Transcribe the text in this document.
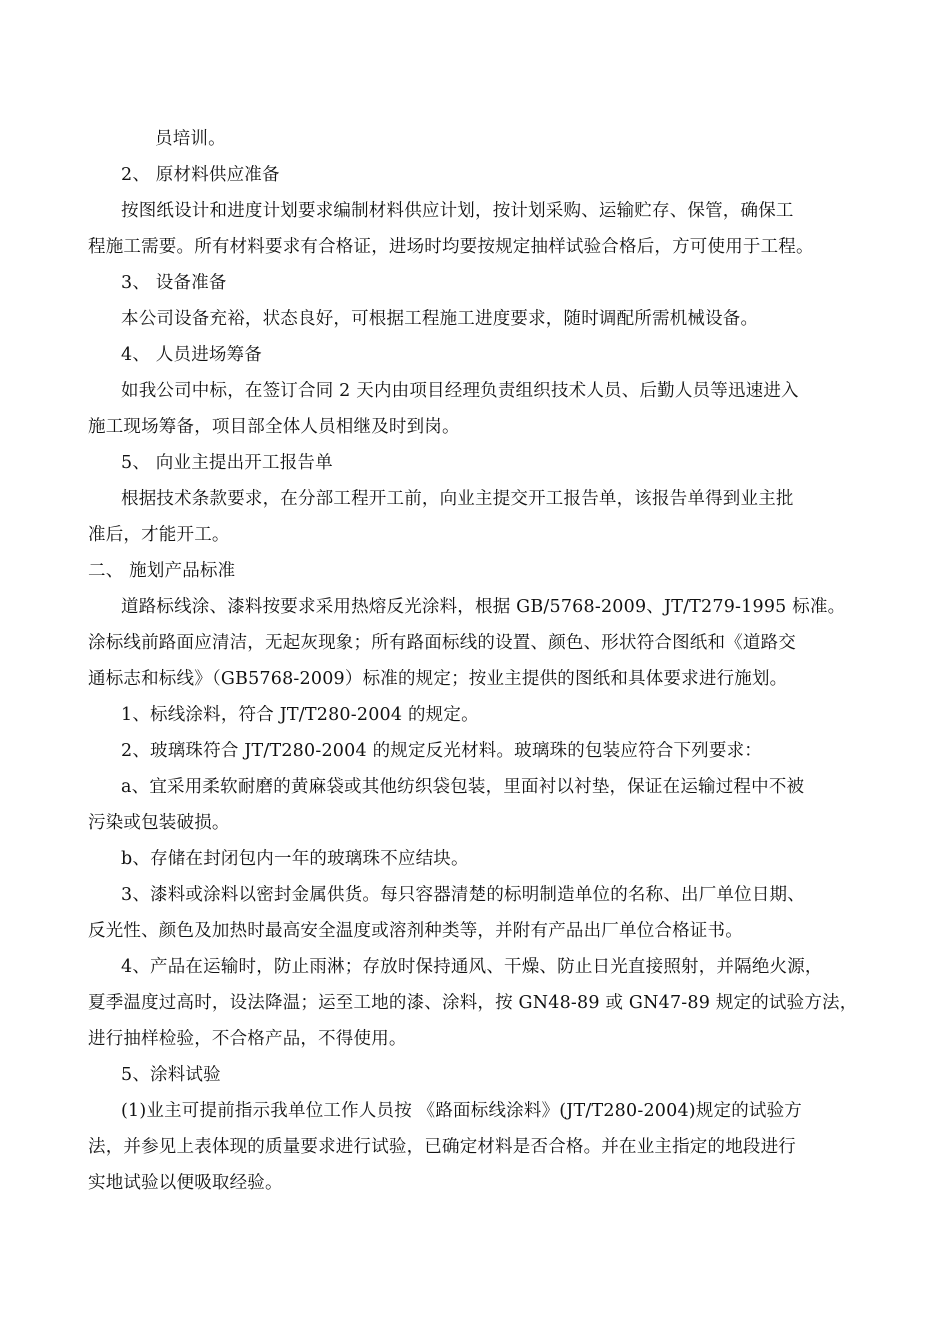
员培训。
2、 原材料供应准备
按图纸设计和进度计划要求编制材料供应计划，按计划采购、运输贮存、保管，确保工
程施工需要。所有材料要求有合格证，进场时均要按规定抽样试验合格后，方可使用于工程。
3、 设备准备
本公司设备充裕，状态良好，可根据工程施工进度要求，随时调配所需机械设备。
4、 人员进场筹备
如我公司中标，在签订合同 2 天内由项目经理负责组织技术人员、后勤人员等迅速进入
施工现场筹备，项目部全体人员相继及时到岗。
5、 向业主提出开工报告单
根据技术条款要求，在分部工程开工前，向业主提交开工报告单，该报告单得到业主批
准后，才能开工。
二、 施划产品标准
道路标线涂、漆料按要求采用热熔反光涂料，根据 GB/5768-2009、JT/T279-1995 标准。
涂标线前路面应清洁，无起灰现象；所有路面标线的设置、颜色、形状符合图纸和《道路交
通标志和标线》（GB5768-2009）标准的规定；按业主提供的图纸和具体要求进行施划。
1、标线涂料，符合 JT/T280-2004 的规定。
2、玻璃珠符合 JT/T280-2004 的规定反光材料。玻璃珠的包装应符合下列要求：
a、宜采用柔软耐磨的黄麻袋或其他纺织袋包装，里面衬以衬垫，保证在运输过程中不被
污染或包装破损。
b、存储在封闭包内一年的玻璃珠不应结块。
3、漆料或涂料以密封金属供货。每只容器清楚的标明制造单位的名称、出厂单位日期、
反光性、颜色及加热时最高安全温度或溶剂种类等，并附有产品出厂单位合格证书。
4、产品在运输时，防止雨淋；存放时保持通风、干燥、防止日光直接照射，并隔绝火源，
夏季温度过高时，设法降温；运至工地的漆、涂料，按 GN48-89 或 GN47-89 规定的试验方法，
进行抽样检验，不合格产品，不得使用。
5、涂料试验
(1)业主可提前指示我单位工作人员按 《路面标线涂料》(JT/T280-2004)规定的试验方
法，并参见上表体现的质量要求进行试验，已确定材料是否合格。并在业主指定的地段进行
实地试验以便吸取经验。
